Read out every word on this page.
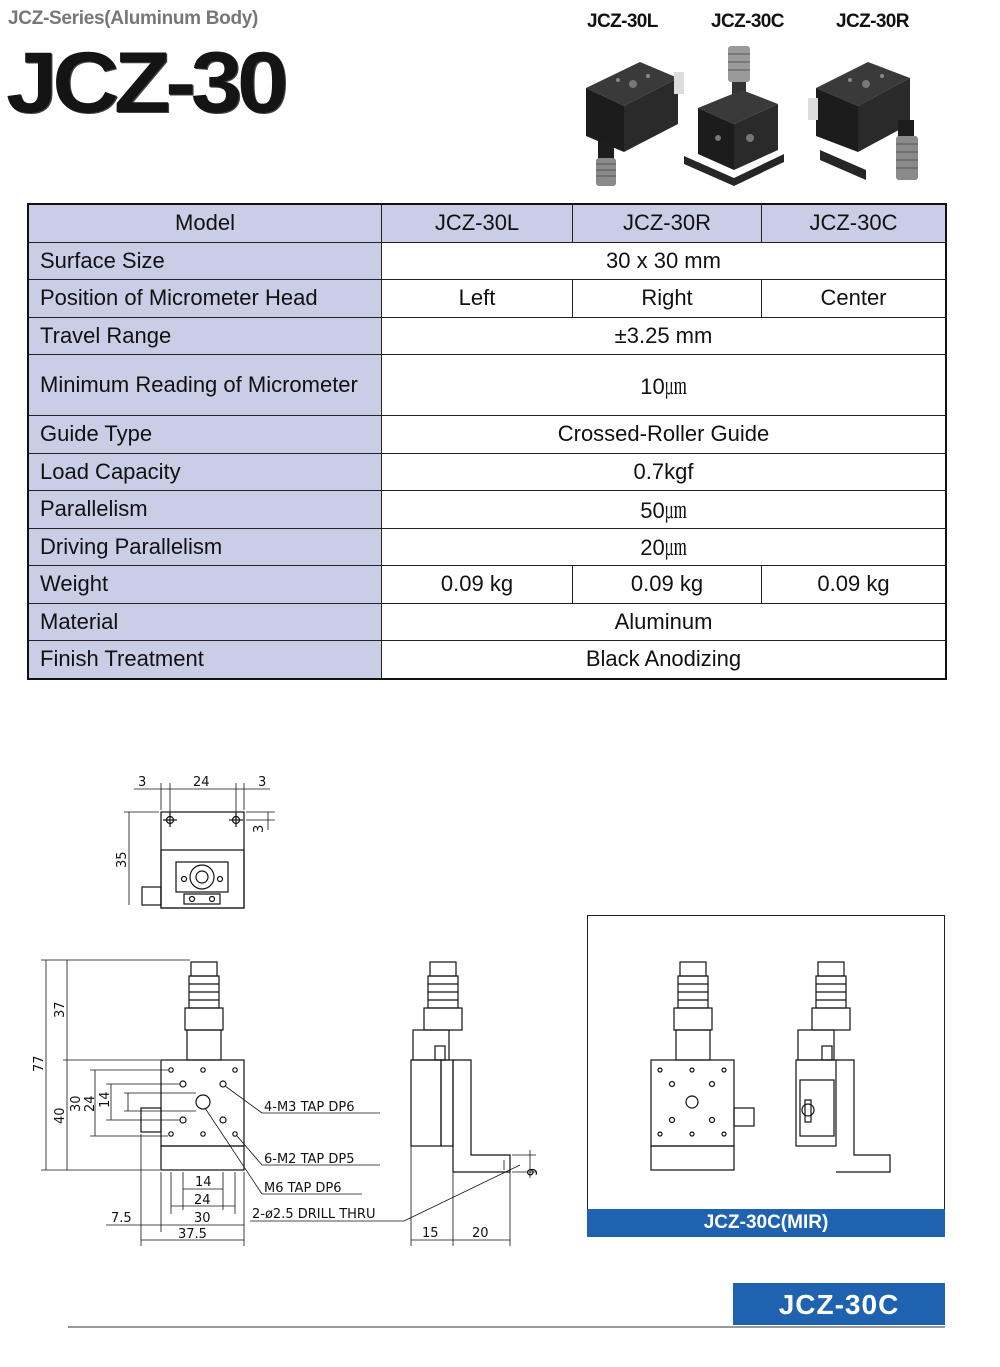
JCZ-Series(Aluminum Body)
JCZ-30
JCZ-30L	JCZ-30C	JCZ-30R
Model	JCZ-30L	JCZ-30R	JCZ-30C
Surface Size	30 x 30 mm		
Position of Micrometer Head	Left	Right	Center
Travel Range	±3.25 mm		
Minimum Reading of Micrometer	10㎛		
Guide Type	Crossed-Roller Guide		
Load Capacity	0.7kgf		
Parallelism	50㎛		
Driving Parallelism	20㎛		
Weight	0.09 kg	0.09 kg	0.09 kg
Material	Aluminum		
Finish Treatment	Black Anodizing		
3	24	3
3
35
77
37
40
30 24 14
14
24
30
37.5
7.5
15	20
6
4-M3 TAP DP6
6-M2 TAP DP5
M6 TAP DP6
2-ø2.5 DRILL THRU	JCZ-30C(MIR)
JCZ-30C
